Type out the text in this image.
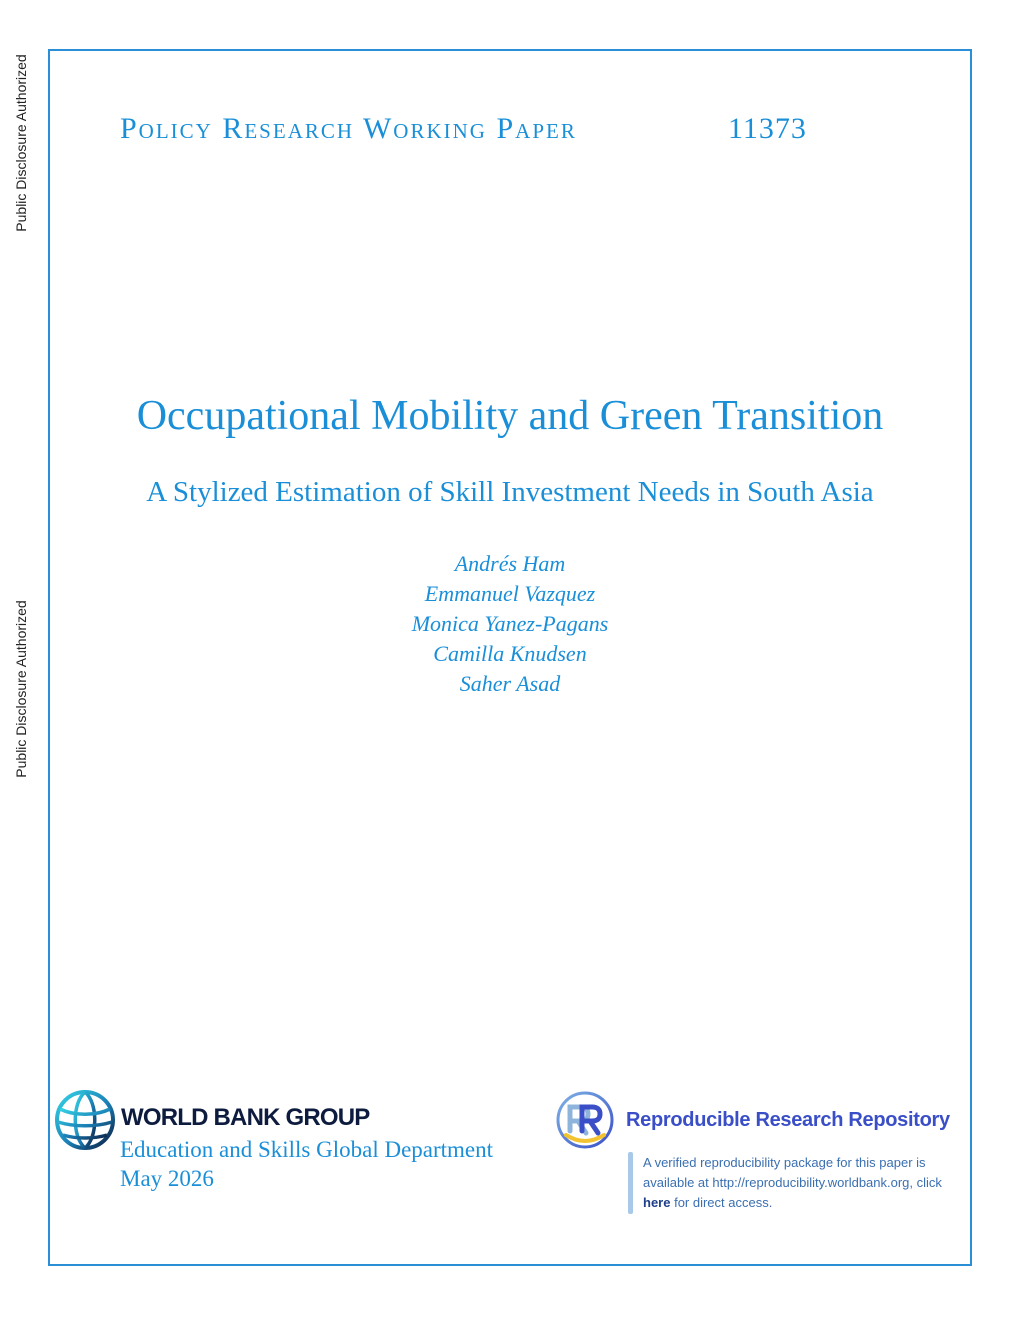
Public Disclosure Authorized
Public Disclosure Authorized
Policy Research Working Paper	11373
Occupational Mobility and Green Transition
A Stylized Estimation of Skill Investment Needs in South Asia
Andrés Ham
Emmanuel Vazquez
Monica Yanez-Pagans
Camilla Knudsen
Saher Asad
WORLD BANK GROUP
Education and Skills Global Department
May 2026
Reproducible Research Repository
A verified reproducibility package for this paper is available at http://reproducibility.worldbank.org, click here for direct access.
